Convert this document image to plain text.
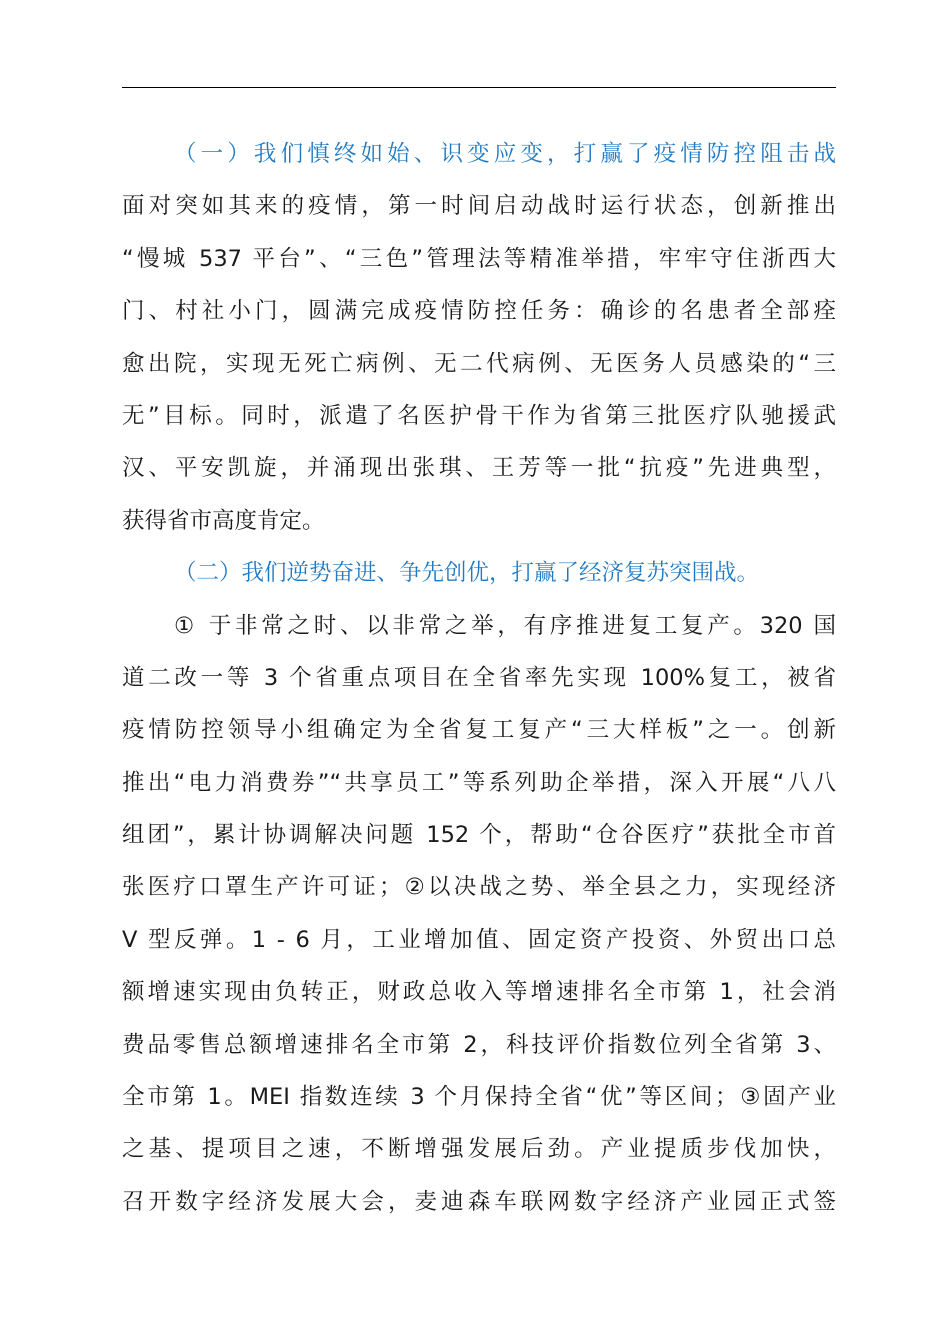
（一）我们慎终如始、识变应变，打赢了疫情防控阻击战
面对突如其来的疫情，第一时间启动战时运行状态，创新推出
“慢城 537 平台”、“三色”管理法等精准举措，牢牢守住浙西大
门、村社小门，圆满完成疫情防控任务：确诊的名患者全部痊
愈出院，实现无死亡病例、无二代病例、无医务人员感染的“三
无”目标。同时，派遣了名医护骨干作为省第三批医疗队驰援武
汉、平安凯旋，并涌现出张琪、王芳等一批“抗疫”先进典型，
获得省市高度肯定。
（二）我们逆势奋进、争先创优，打赢了经济复苏突围战。
① 于非常之时、以非常之举，有序推进复工复产。320 国
道二改一等 3 个省重点项目在全省率先实现 100%复工，被省
疫情防控领导小组确定为全省复工复产“三大样板”之一。创新
推出“电力消费券”“共享员工”等系列助企举措，深入开展“八八
组团”，累计协调解决问题 152 个，帮助“仓谷医疗”获批全市首
张医疗口罩生产许可证；②以决战之势、举全县之力，实现经济
V 型反弹。1 - 6 月，工业增加值、固定资产投资、外贸出口总
额增速实现由负转正，财政总收入等增速排名全市第 1，社会消
费品零售总额增速排名全市第 2，科技评价指数位列全省第 3、
全市第 1。MEI 指数连续 3 个月保持全省“优”等区间；③固产业
之基、提项目之速，不断增强发展后劲。产业提质步伐加快，
召开数字经济发展大会，麦迪森车联网数字经济产业园正式签
